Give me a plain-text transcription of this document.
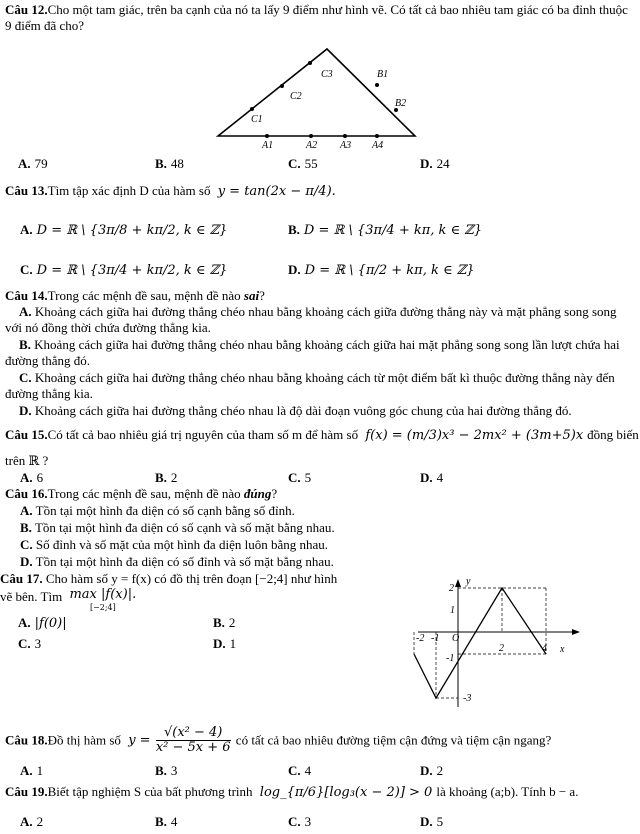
Câu 12.Cho một tam giác, trên ba cạnh của nó ta lấy 9 điểm như hình vẽ. Có tất cả bao nhiêu tam giác có ba đỉnh thuộc 9 điểm đã cho?
C3	B1
C2
B2
C1
A1	A2 A3 A4
A. 79	B. 48	C. 55	D. 24
Câu 13.Tìm tập xác định D của hàm số y = tan(2x − π/4).
A. D = ℝ \ {3π/8 + kπ/2, k ∈ ℤ}	B. D = ℝ \ {3π/4 + kπ, k ∈ ℤ}
C. D = ℝ \ {3π/4 + kπ/2, k ∈ ℤ}	D. D = ℝ \ {π/2 + kπ, k ∈ ℤ}
Câu 14.Trong các mệnh đề sau, mệnh đề nào sai?
A. Khoảng cách giữa hai đường thẳng chéo nhau bằng khoảng cách giữa đường thẳng này và mặt phẳng song song với nó đồng thời chứa đường thẳng kia.
B. Khoảng cách giữa hai đường thẳng chéo nhau bằng khoảng cách giữa hai mặt phẳng song song lần lượt chứa hai đường thẳng đó.
C. Khoảng cách giữa hai đường thẳng chéo nhau bằng khoảng cách từ một điểm bất kì thuộc đường thẳng này đến đường thẳng kia.
D. Khoảng cách giữa hai đường thẳng chéo nhau là độ dài đoạn vuông góc chung của hai đường thẳng đó.
Câu 15.Có tất cả bao nhiêu giá trị nguyên của tham số m để hàm số f(x) = (m/3)x³ − 2mx² + (3m+5)x đồng biến
trên ℝ ?
A. 6	B. 2	C. 5	D. 4
Câu 16.Trong các mệnh đề sau, mệnh đề nào đúng?
A. Tồn tại một hình đa diện có số cạnh bằng số đỉnh.
B. Tồn tại một hình đa diện có số cạnh và số mặt bằng nhau.
C. Số đỉnh và số mặt của một hình đa diện luôn bằng nhau.
D. Tồn tại một hình đa diện có số đỉnh và số mặt bằng nhau.
Câu 17. Cho hàm số y = f(x) có đồ thị trên đoạn [−2;4] như hình
vẽ bên. Tìm max |f(x)|.
[−2;4]
A. |f(0)|	B. 2
C. 3	D. 1
y
x
O
2
1
-2 -1
-1
2	4
-3
Câu 18.Đồ thị hàm số $y = \frac{\text{√(x² − 4)}}{\text{x² − 5x + 6}}$ có tất cả bao nhiêu đường tiệm cận đứng và tiệm cận ngang?
A. 1	B. 3	C. 4	D. 2
Câu 19.Biết tập nghiệm S của bất phương trình log_{π/6}[log₃(x − 2)] > 0 là khoảng (a;b). Tính b − a.
A. 2	B. 4	C. 3	D. 5
